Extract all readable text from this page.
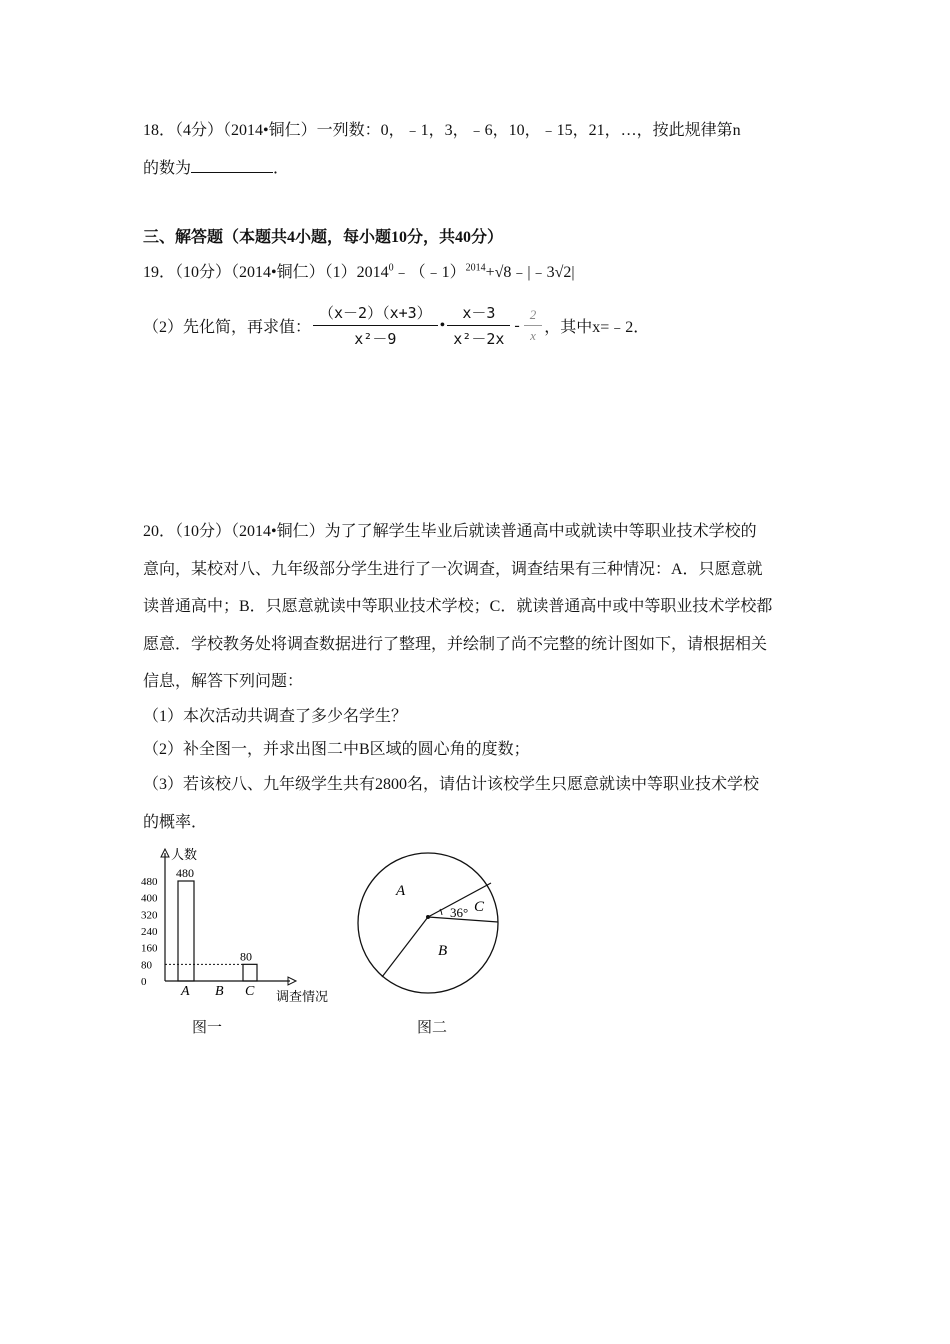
18．（4分）（2014•铜仁）一列数：0，﹣1，3，﹣6，10，﹣15，21，…，按此规律第n
的数为	．
三、解答题（本题共4小题，每小题10分，共40分）
19．（10分）（2014•铜仁）$(1)2014^0﹣(﹣1)^{2014}+√8﹣|﹣3√2|$
（2）先化简，再求值： $\frac{(x-2)(x+3)}{\text{x²－9}}$ • $\frac{x-3}{\text{x²－2x}} - \frac{2}{x}$ ，其中x=﹣2．
20．（10分）（2014•铜仁）为了了解学生毕业后就读普通高中或就读中等职业技术学校的
意向，某校对八、九年级部分学生进行了一次调查，调查结果有三种情况：A．只愿意就
读普通高中；B．只愿意就读中等职业技术学校；C．就读普通高中或中等职业技术学校都
愿意．学校教务处将调查数据进行了整理，并绘制了尚不完整的统计图如下，请根据相关
信息，解答下列问题：
（1）本次活动共调查了多少名学生？
（2）补全图一，并求出图二中B区域的圆心角的度数；
（3）若该校八、九年级学生共有2800名，请估计该校学生只愿意就读中等职业技术学校
的概率．
人数
调查情况
480
400
320
240
160
80
0
480
A B
80
C
图一
A
B
C
36°
图二
